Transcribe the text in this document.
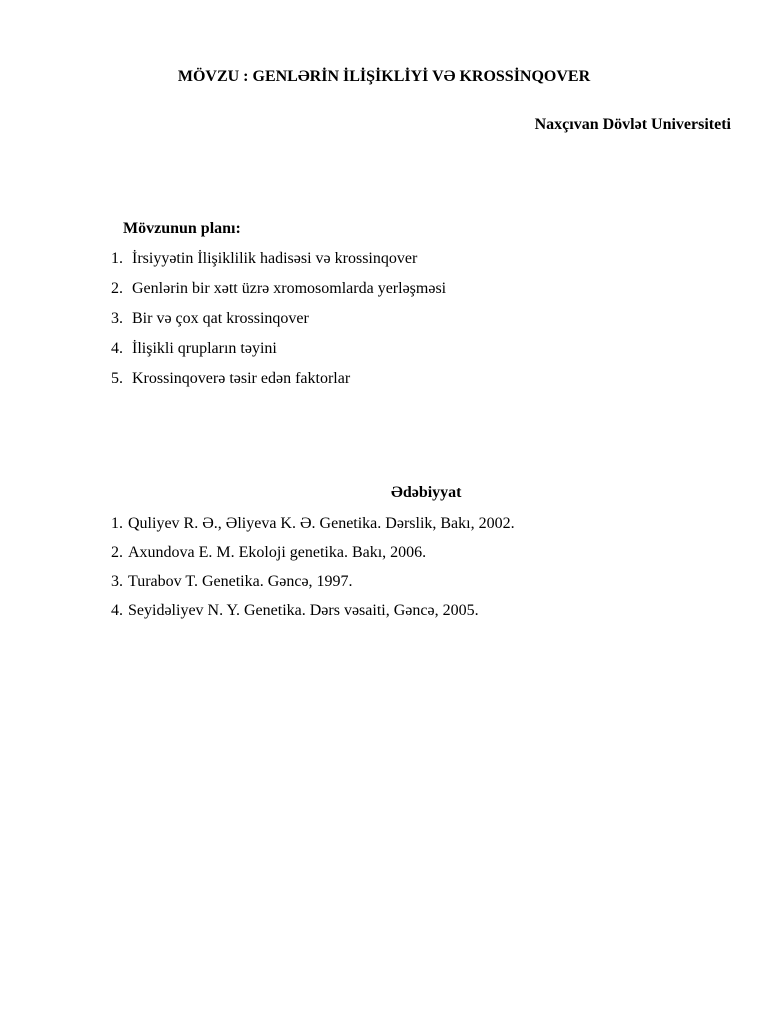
MÖVZU : GENLƏRİN İLİŞİKLİYİ VƏ KROSSİNQOVER
Naxçıvan Dövlət Universiteti
Mövzunun planı:
1. İrsiyyətin İlişiklilik hadisəsi və krossinqover
2. Genlərin bir xətt üzrə xromosomlarda yerləşməsi
3. Bir və çox qat krossinqover
4. İlişikli qrupların təyini
5. Krossinqoverə təsir edən faktorlar
Ədəbiyyat
1. Quliyev R. Ə., Əliyeva K. Ə. Genetika. Dərslik, Bakı, 2002.
2. Axundova E. M. Ekoloji genetika. Bakı, 2006.
3. Turabov T. Genetika. Gəncə, 1997.
4. Seyidəliyev N. Y. Genetika. Dərs vəsaiti, Gəncə, 2005.
